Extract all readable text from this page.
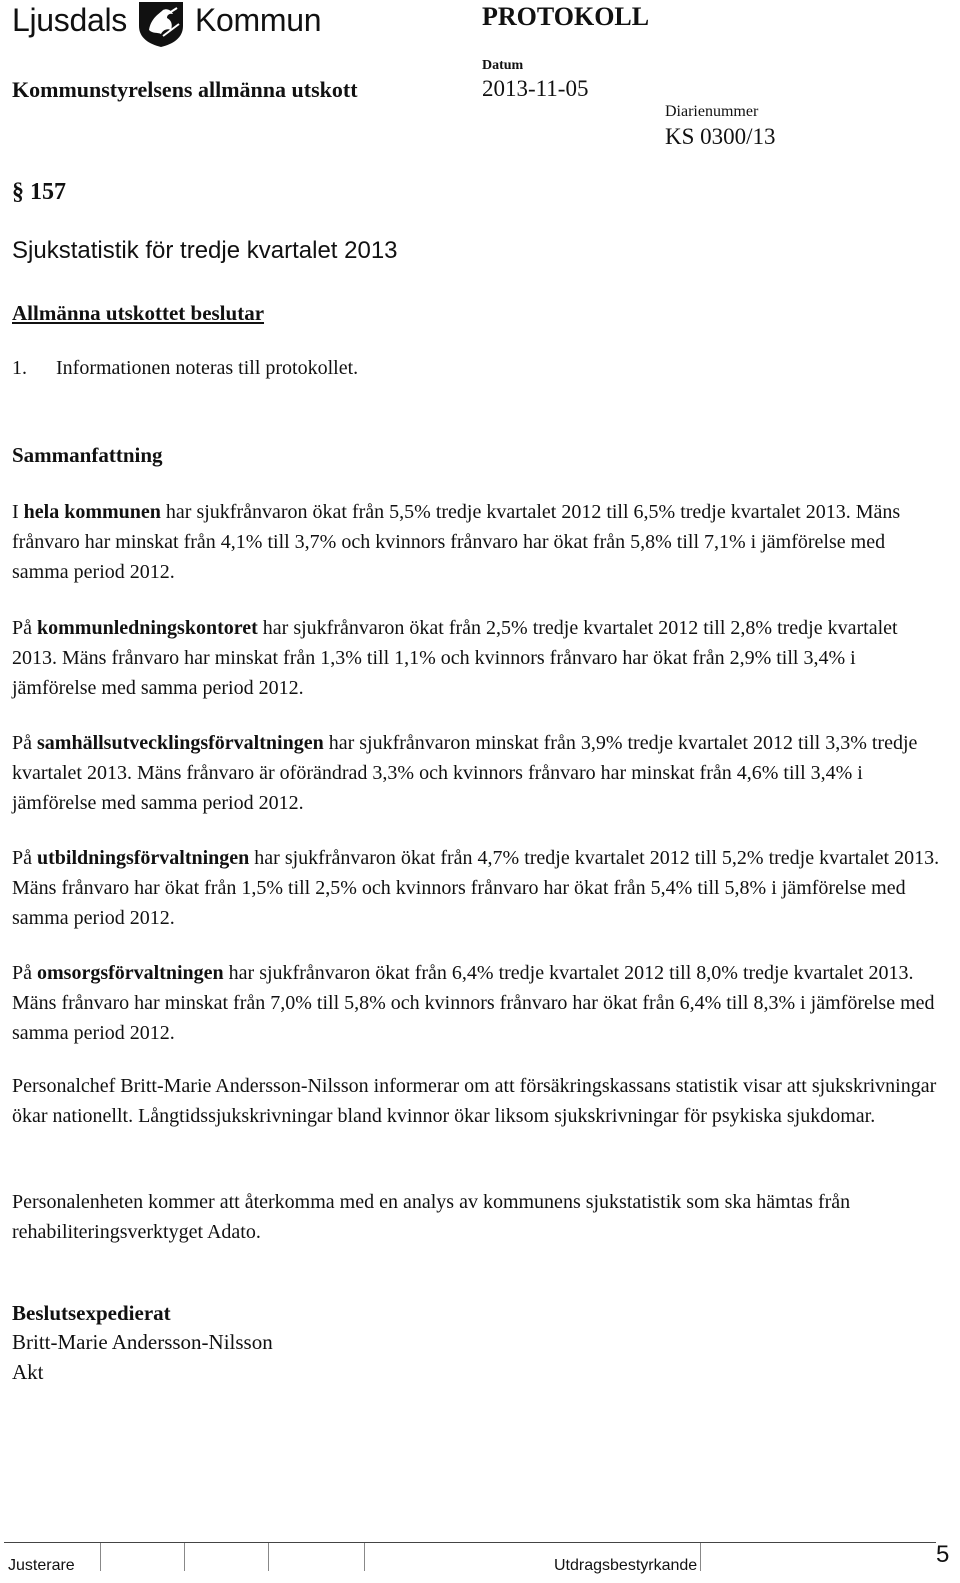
Ljusdals Kommun	PROTOKOLL
Kommunstyrelsens allmänna utskott
Datum
2013-11-05
Diarienummer
KS 0300/13
§ 157
Sjukstatistik för tredje kvartalet 2013
Allmänna utskottet beslutar
1. Informationen noteras till protokollet.
Sammanfattning
I hela kommunen har sjukfrånvaron ökat från 5,5% tredje kvartalet 2012 till 6,5% tredje kvartalet 2013. Mäns frånvaro har minskat från 4,1% till 3,7% och kvinnors frånvaro har ökat från 5,8% till 7,1% i jämförelse med samma period 2012.
På kommunledningskontoret har sjukfrånvaron ökat från 2,5% tredje kvartalet 2012 till 2,8% tredje kvartalet 2013. Mäns frånvaro har minskat från 1,3% till 1,1% och kvinnors frånvaro har ökat från 2,9% till 3,4% i jämförelse med samma period 2012.
På samhällsutvecklingsförvaltningen har sjukfrånvaron minskat från 3,9% tredje kvartalet 2012 till 3,3% tredje kvartalet 2013. Mäns frånvaro är oförändrad 3,3% och kvinnors frånvaro har minskat från 4,6% till 3,4% i jämförelse med samma period 2012.
På utbildningsförvaltningen har sjukfrånvaron ökat från 4,7% tredje kvartalet 2012 till 5,2% tredje kvartalet 2013. Mäns frånvaro har ökat från 1,5% till 2,5% och kvinnors frånvaro har ökat från 5,4% till 5,8% i jämförelse med samma period 2012.
På omsorgsförvaltningen har sjukfrånvaron ökat från 6,4% tredje kvartalet 2012 till 8,0% tredje kvartalet 2013. Mäns frånvaro har minskat från 7,0% till 5,8% och kvinnors frånvaro har ökat från 6,4% till 8,3% i jämförelse med samma period 2012.
Personalchef Britt-Marie Andersson-Nilsson informerar om att försäkringskassans statistik visar att sjukskrivningar ökar nationellt. Långtidssjukskrivningar bland kvinnor ökar liksom sjukskrivningar för psykiska sjukdomar.
Personalenheten kommer att återkomma med en analys av kommunens sjukstatistik som ska hämtas från rehabiliteringsverktyget Adato.
Beslutsexpedierat
Britt-Marie Andersson-Nilsson
Akt
Justerare	Utdragsbestyrkande	5
